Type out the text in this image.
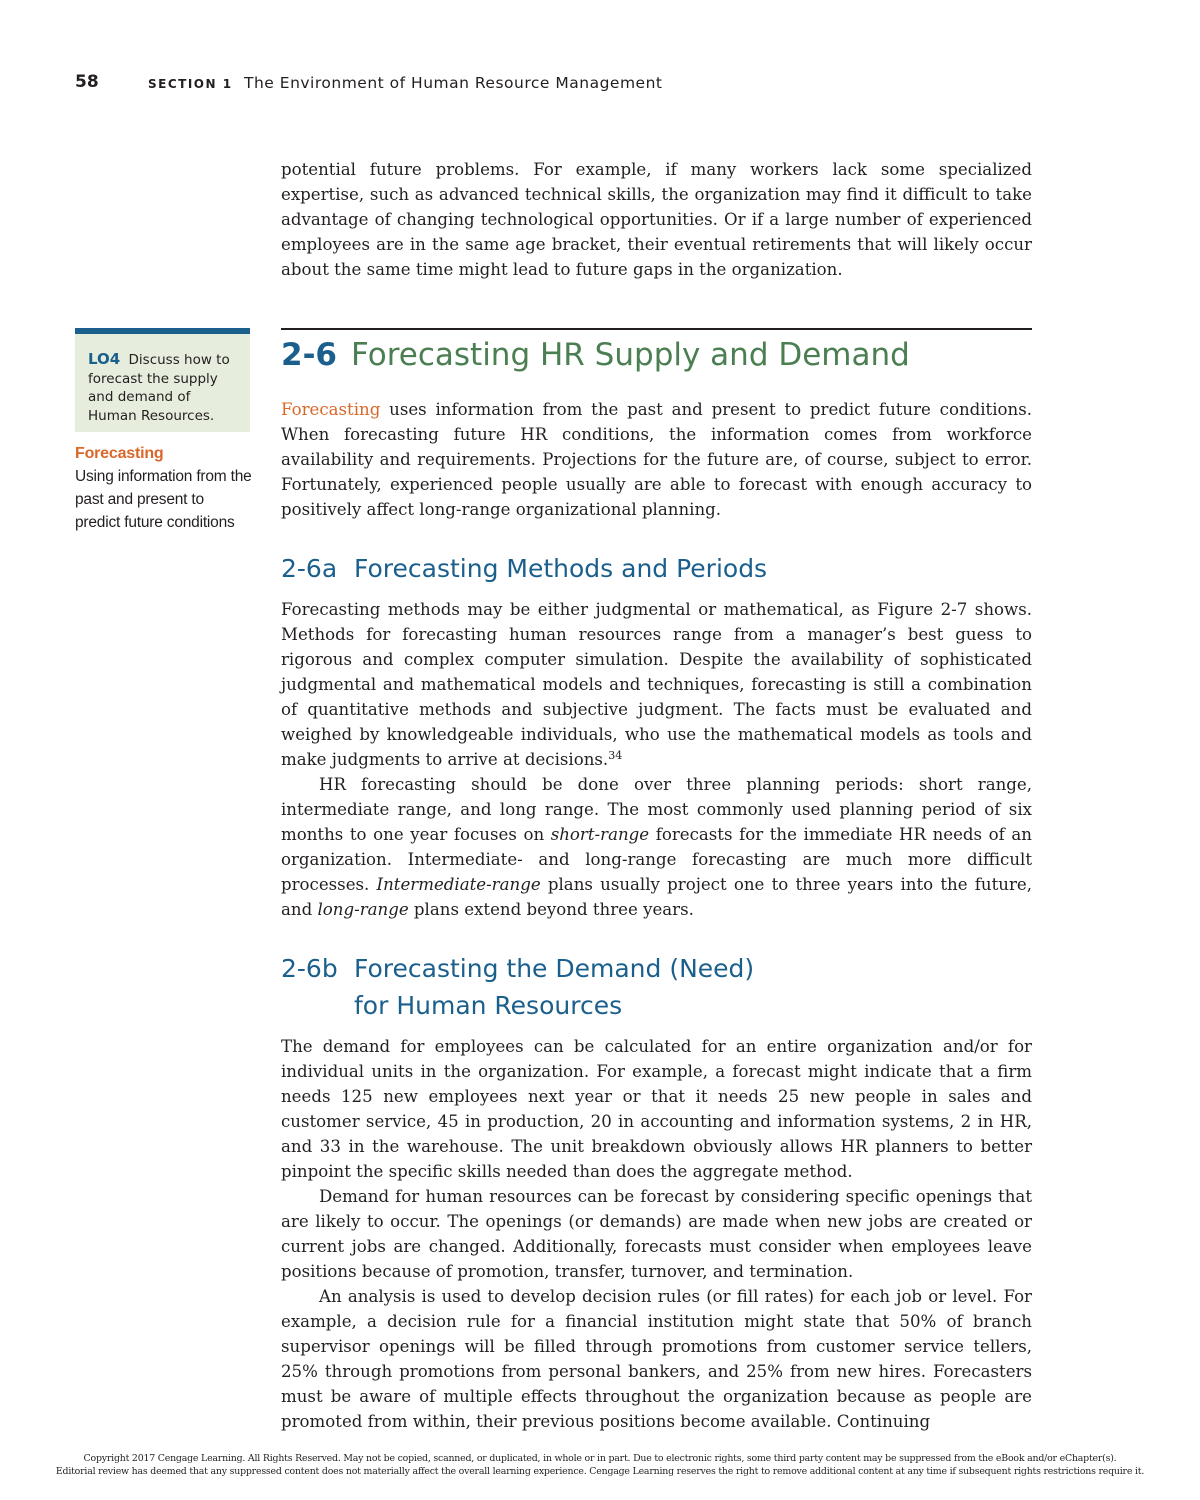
58	SECTION 1 The Environment of Human Resource Management

potential future problems. For example, if many workers lack some specialized expertise, such as advanced technical skills, the organization may find it difficult to take advantage of changing technological opportunities. Or if a large number of experienced employees are in the same age bracket, their eventual retirements that will likely occur about the same time might lead to future gaps in the organization.

2-6 Forecasting HR Supply and Demand
LO4 Discuss how to forecast the supply and demand of Human Resources.
Forecasting
Using information from the past and present to predict future conditions

Forecasting uses information from the past and present to predict future conditions. When forecasting future HR conditions, the information comes from workforce availability and requirements. Projections for the future are, of course, subject to error. Fortunately, experienced people usually are able to forecast with enough accuracy to positively affect long-range organizational planning.

2-6a Forecasting Methods and Periods

Forecasting methods may be either judgmental or mathematical, as Figure 2-7 shows. Methods for forecasting human resources range from a manager’s best guess to rigorous and complex computer simulation. Despite the availability of sophisticated judgmental and mathematical models and techniques, forecasting is still a combination of quantitative methods and subjective judgment. The facts must be evaluated and weighed by knowledgeable individuals, who use the mathematical models as tools and make judgments to arrive at decisions.$^{34}$

HR forecasting should be done over three planning periods: short range, intermediate range, and long range. The most commonly used planning period of six months to one year focuses on short-range forecasts for the immediate HR needs of an organization. Intermediate- and long-range forecasting are much more difficult processes. Intermediate-range plans usually project one to three years into the future, and long-range plans extend beyond three years.

2-6b Forecasting the Demand (Need)
for Human Resources

The demand for employees can be calculated for an entire organization and/or for individual units in the organization. For example, a forecast might indicate that a firm needs 125 new employees next year or that it needs 25 new people in sales and customer service, 45 in production, 20 in accounting and information systems, 2 in HR, and 33 in the warehouse. The unit breakdown obviously allows HR planners to better pinpoint the specific skills needed than does the aggregate method.

Demand for human resources can be forecast by considering specific openings that are likely to occur. The openings (or demands) are made when new jobs are created or current jobs are changed. Additionally, forecasts must consider when employees leave positions because of promotion, transfer, turnover, and termination.

An analysis is used to develop decision rules (or fill rates) for each job or level. For example, a decision rule for a financial institution might state that 50% of branch supervisor openings will be filled through promotions from customer service tellers, 25% through promotions from personal bankers, and 25% from new hires. Forecasters must be aware of multiple effects throughout the organization because as people are promoted from within, their previous positions become available. Continuing

Copyright 2017 Cengage Learning. All Rights Reserved. May not be copied, scanned, or duplicated, in whole or in part. Due to electronic rights, some third party content may be suppressed from the eBook and/or eChapter(s).
Editorial review has deemed that any suppressed content does not materially affect the overall learning experience. Cengage Learning reserves the right to remove additional content at any time if subsequent rights restrictions require it.
